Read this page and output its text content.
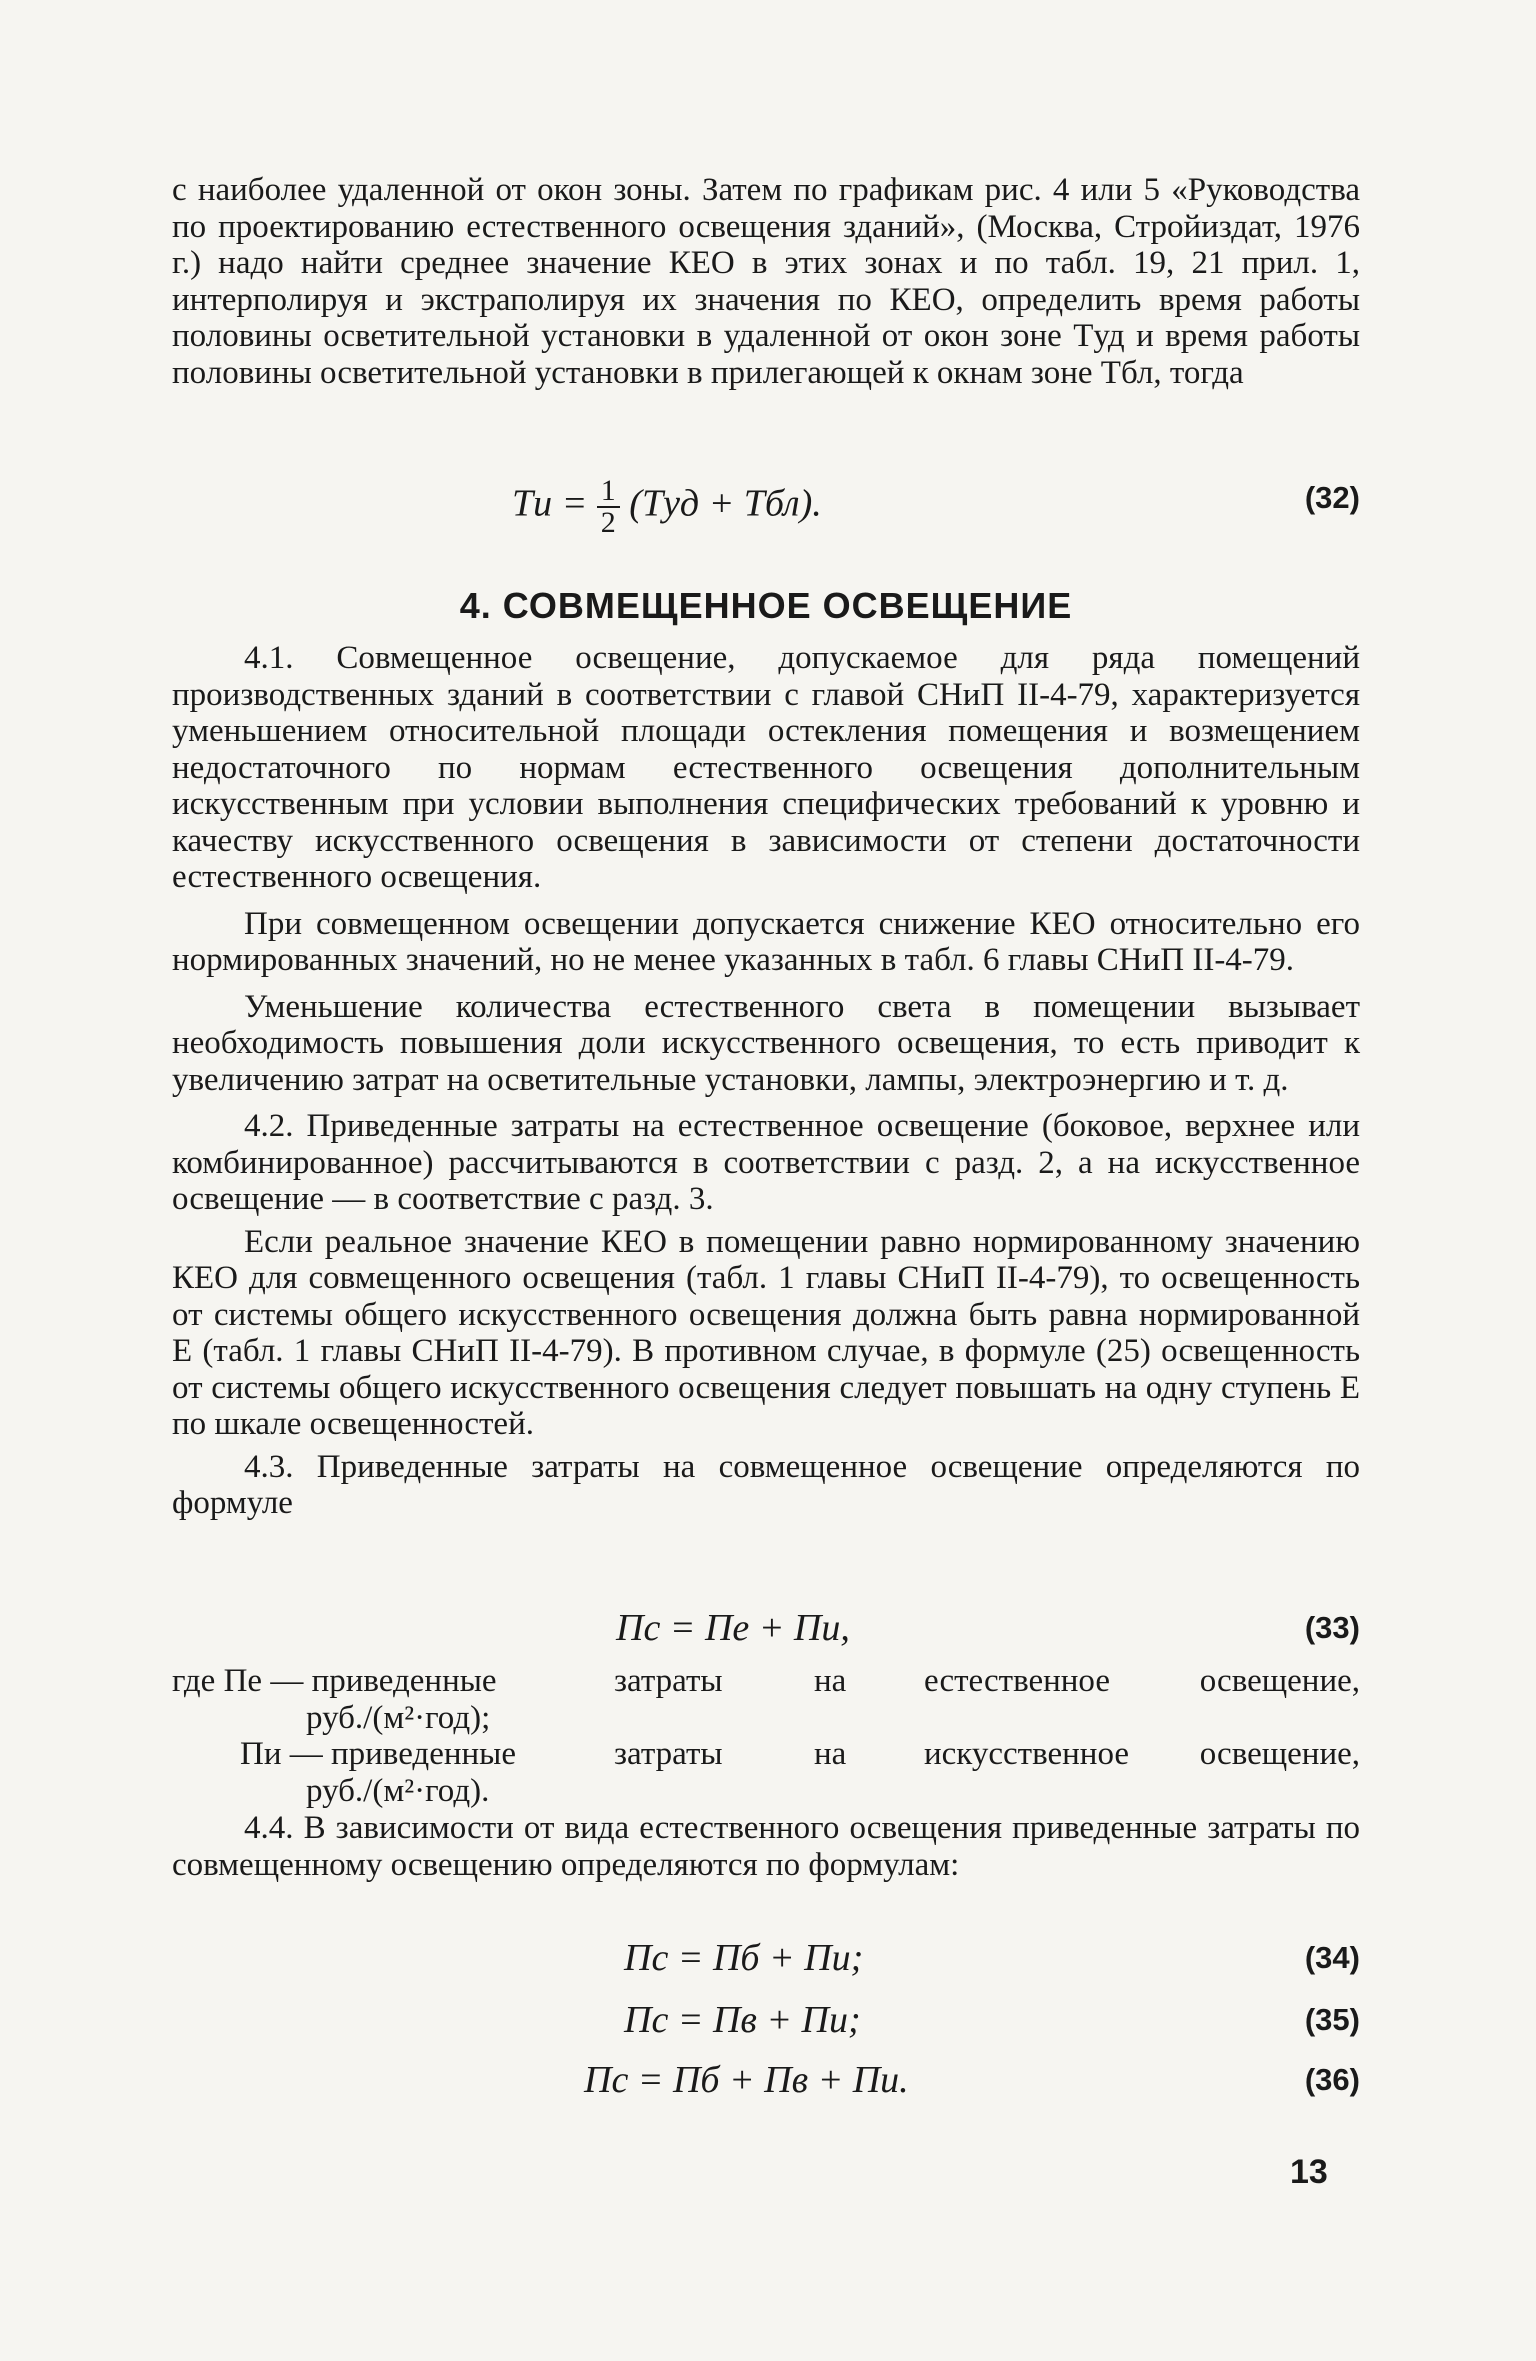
с наиболее удаленной от окон зоны. Затем по графикам рис. 4 или 5 «Руководства по проектированию естественного освещения зданий», (Москва, Стройиздат, 1976 г.) надо найти среднее значение КЕО в этих зонах и по табл. 19, 21 прил. 1, интерполируя и экстраполируя их значения по КЕО, определить время работы половины осветительной установки в удаленной от окон зоне Tуд и время работы половины осветительной установки в прилегающей к окнам зоне Tбл, тогда

Tи = $\frac{1}{2} (Tуд + Tбл)$.	(32)
4. СОВМЕЩЕННОЕ ОСВЕЩЕНИЕ

4.1. Совмещенное освещение, допускаемое для ряда помещений производственных зданий в соответствии с главой СНиП II-4-79, характеризуется уменьшением относительной площади остекления помещения и возмещением недостаточного по нормам естественного освещения дополнительным искусственным при условии выполнения специфических требований к уровню и качеству искусственного освещения в зависимости от степени достаточности естественного освещения.

При совмещенном освещении допускается снижение КЕО относительно его нормированных значений, но не менее указанных в табл. 6 главы СНиП II-4-79.

Уменьшение количества естественного света в помещении вызывает необходимость повышения доли искусственного освещения, то есть приводит к увеличению затрат на осветительные установки, лампы, электроэнергию и т. д.

4.2. Приведенные затраты на естественное освещение (боковое, верхнее или комбинированное) рассчитываются в соответствии с разд. 2, а на искусственное освещение — в соответствие с разд. 3.

Если реальное значение КЕО в помещении равно нормированному значению КЕО для совмещенного освещения (табл. 1 главы СНиП II-4-79), то освещенность от системы общего искусственного освещения должна быть равна нормированной E (табл. 1 главы СНиП II-4-79). В противном случае, в формуле (25) освещенность от системы общего искусственного освещения следует повышать на одну ступень E по шкале освещенностей.

4.3. Приведенные затраты на совмещенное освещение определяются по формуле

Пс = Пе + Пи,	(33)
где Пе — приведенные	затраты	на	естественное	освещение,
руб./(м²·год);				
Пи — приведенные	затраты	на	искусственное	освещение,
руб./(м²·год).				

4.4. В зависимости от вида естественного освещения приведенные затраты по совмещенному освещению определяются по формулам:

Пс = Пб + Пи;	(34)
Пс = Пв + Пи;	(35)
Пс = Пб + Пв + Пи.	(36)
13
